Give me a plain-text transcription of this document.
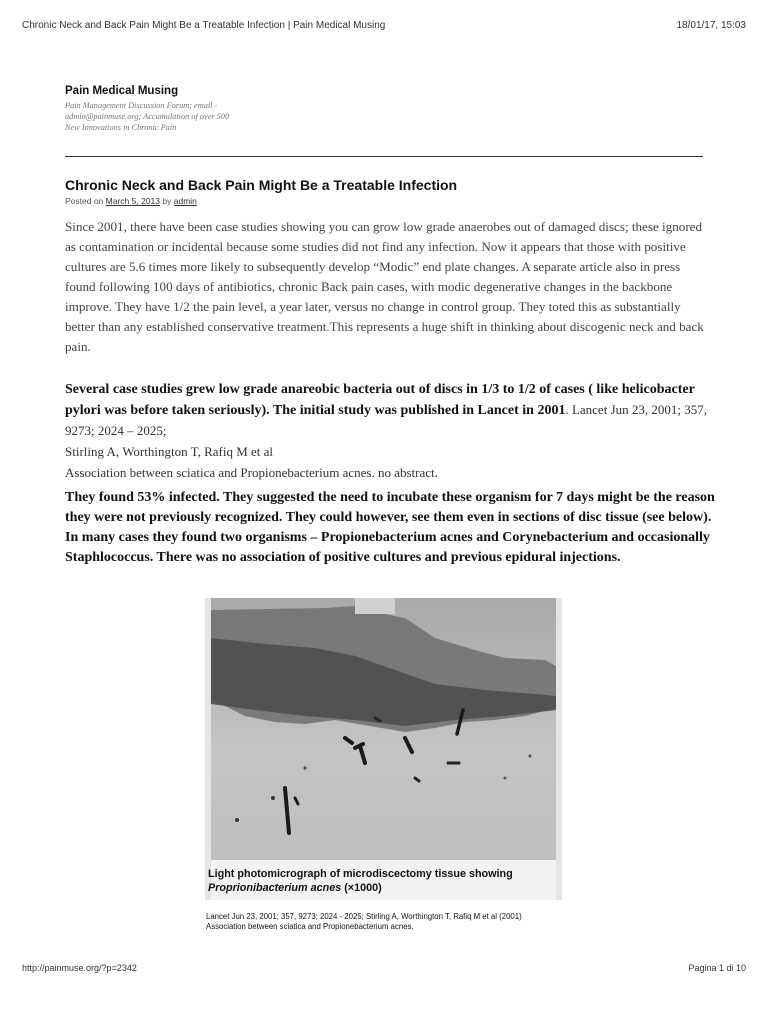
Chronic Neck and Back Pain Might Be a Treatable Infection | Pain Medical Musing	18/01/17, 15:03
Pain Medical Musing
Pain Management Discussion Forum; email -admin@painmuse.org; Accumulation of over 500 New Innovations in Chronic Pain
Chronic Neck and Back Pain Might Be a Treatable Infection
Posted on March 5, 2013 by admin

Since 2001, there have been case studies showing you can grow low grade anaerobes out of damaged discs; these ignored as contamination or incidental because some studies did not find any infection. Now it appears that those with positive cultures are 5.6 times more likely to subsequently develop “Modic” end plate changes. A separate article also in press found following 100 days of antibiotics, chronic Back pain cases, with modic degenerative changes in the backbone improve. They have 1/2 the pain level, a year later, versus no change in control group. They toted this as substantially better than any established conservative treatment.This represents a huge shift in thinking about discogenic neck and back pain.

Several case studies grew low grade anareobic bacteria out of discs in 1/3 to 1/2 of cases ( like helicobacter pylori was before taken seriously). The initial study was published in Lancet in 2001. Lancet Jun 23, 2001; 357, 9273; 2024 – 2025;
Stirling A, Worthington T, Rafiq M et al
Association between sciatica and Propionebacterium acnes. no abstract.

They found 53% infected. They suggested the need to incubate these organism for 7 days might be the reason they were not previously recognized. They could however, see them even in sections of disc tissue (see below). In many cases they found two organisms – Propionebacterium acnes and Corynebacterium and occasionally Staphlococcus. There was no association of positive cultures and previous epidural injections.

Light photomicrograph of microdiscectomy tissue showing
Proprionibacterium acnes (×1000)
Lancet Jun 23, 2001; 357, 9273; 2024 - 2025; Stirling A, Worthington T, Rafiq M et al (2001) Association between sciatica and Propionebacterium acnes.
http://painmuse.org/?p=2342	Pagina 1 di 10
